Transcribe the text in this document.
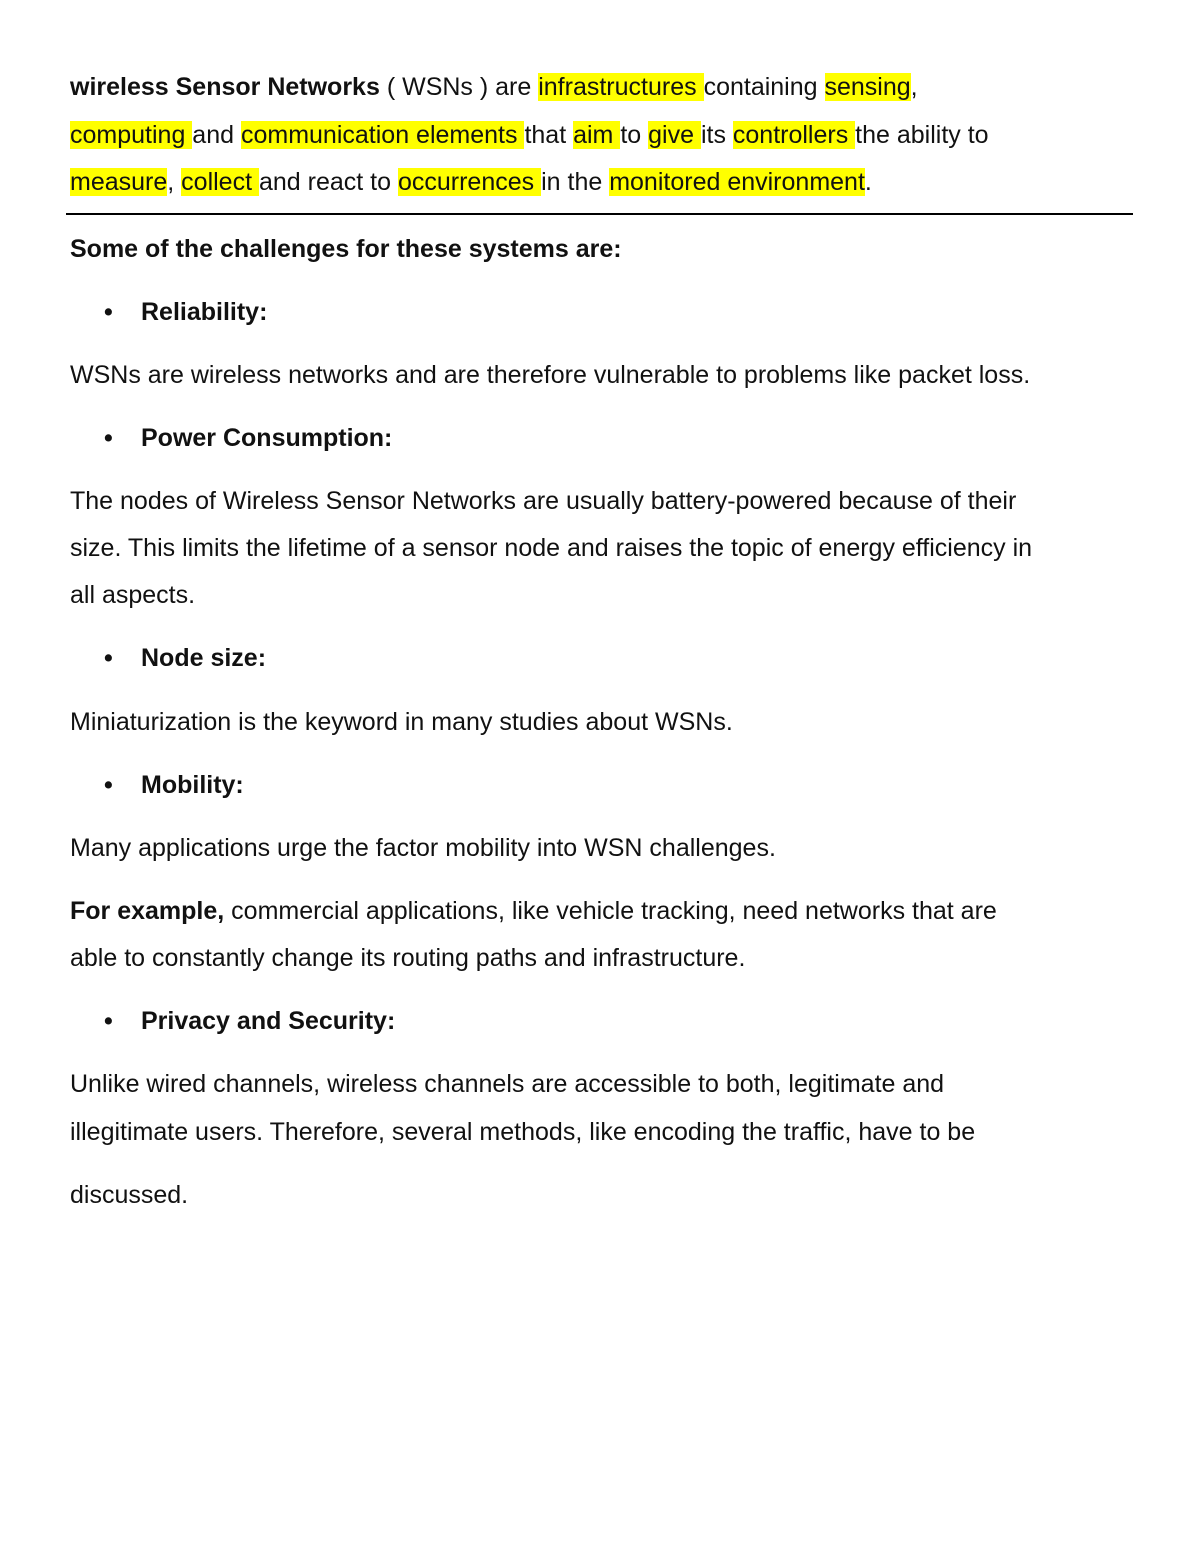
wireless Sensor Networks ( WSNs ) are infrastructures containing sensing,
computing and communication elements that aim to give its controllers the ability to
measure, collect and react to occurrences in the monitored environment.
Some of the challenges for these systems are:
• Reliability:
WSNs are wireless networks and are therefore vulnerable to problems like packet loss.
• Power Consumption:
The nodes of Wireless Sensor Networks are usually battery-powered because of their
size. This limits the lifetime of a sensor node and raises the topic of energy efficiency in
all aspects.
• Node size:
Miniaturization is the keyword in many studies about WSNs.
• Mobility:
Many applications urge the factor mobility into WSN challenges.
For example, commercial applications, like vehicle tracking, need networks that are
able to constantly change its routing paths and infrastructure.
• Privacy and Security:
Unlike wired channels, wireless channels are accessible to both, legitimate and
illegitimate users. Therefore, several methods, like encoding the traffic, have to be
discussed.
